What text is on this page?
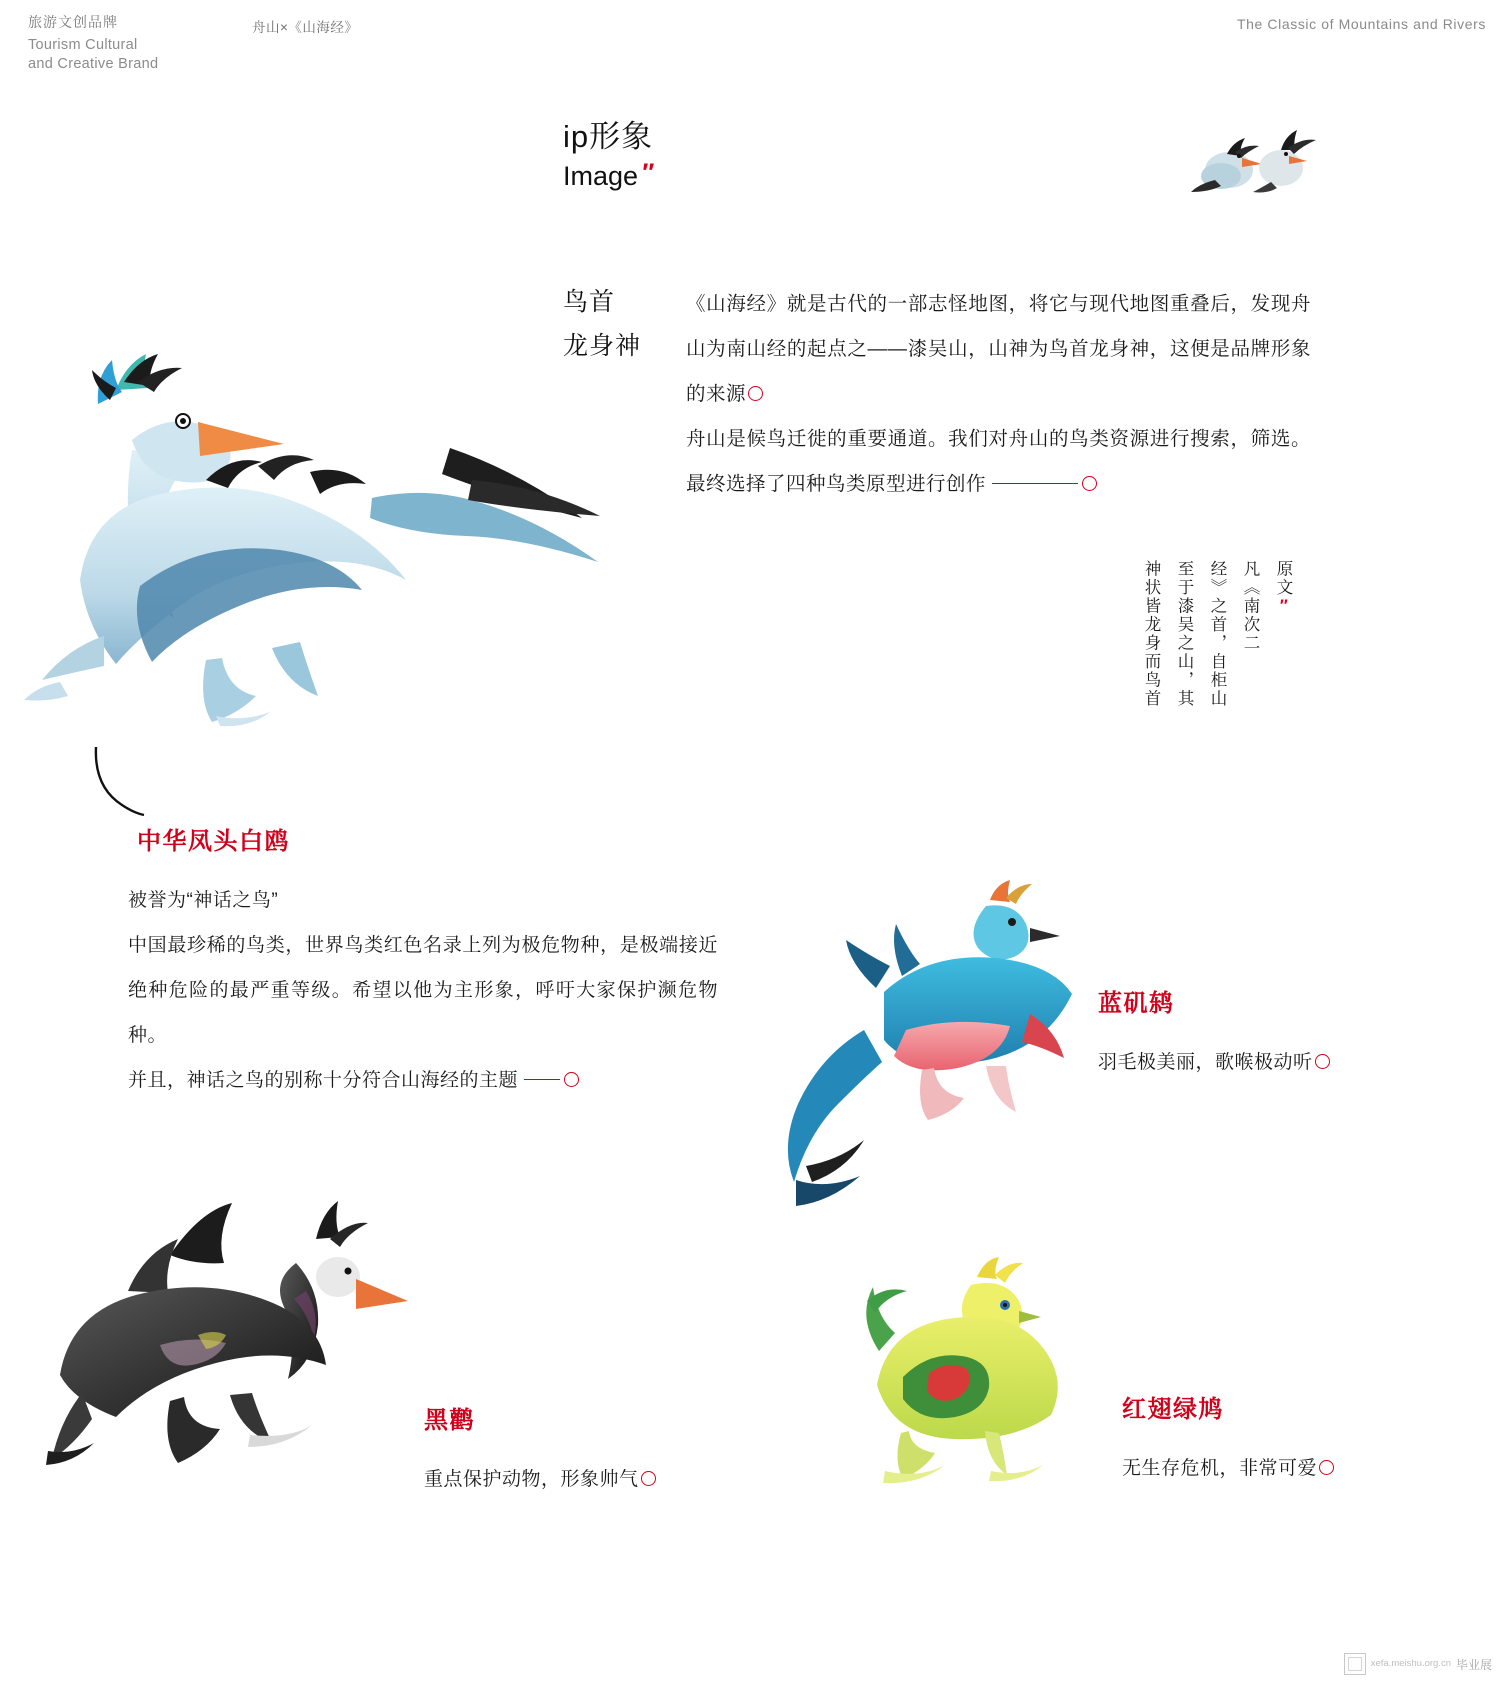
旅游文创品牌
Tourism Cultural
and Creative Brand
舟山×《山海经》	The Classic of Mountains and Rivers
ip形象
Image ″
鸟首
龙身神

《山海经》就是古代的一部志怪地图，将它与现代地图重叠后，发现舟山为南山经的起点之——漆吴山，山神为鸟首龙身神，这便是品牌形象的来源

舟山是候鸟迁徙的重要通道。我们对舟山的鸟类资源进行搜索，筛选。最终选择了四种鸟类原型进行创作

原文″
凡《南次二
经》之首，自柜山
至于漆吴之山，其
神状皆龙身而鸟首
中华凤头白鸥

被誉为“神话之鸟”

中国最珍稀的鸟类，世界鸟类红色名录上列为极危物种，是极端接近绝种危险的最严重等级。希望以他为主形象，呼吁大家保护濒危物种。

并且，神话之鸟的别称十分符合山海经的主题

蓝矶鸫
羽毛极美丽，歌喉极动听
黑鹳
重点保护动物，形象帅气
红翅绿鸠
无生存危机，非常可爱
xefa.meishu.org.cn 毕业展
